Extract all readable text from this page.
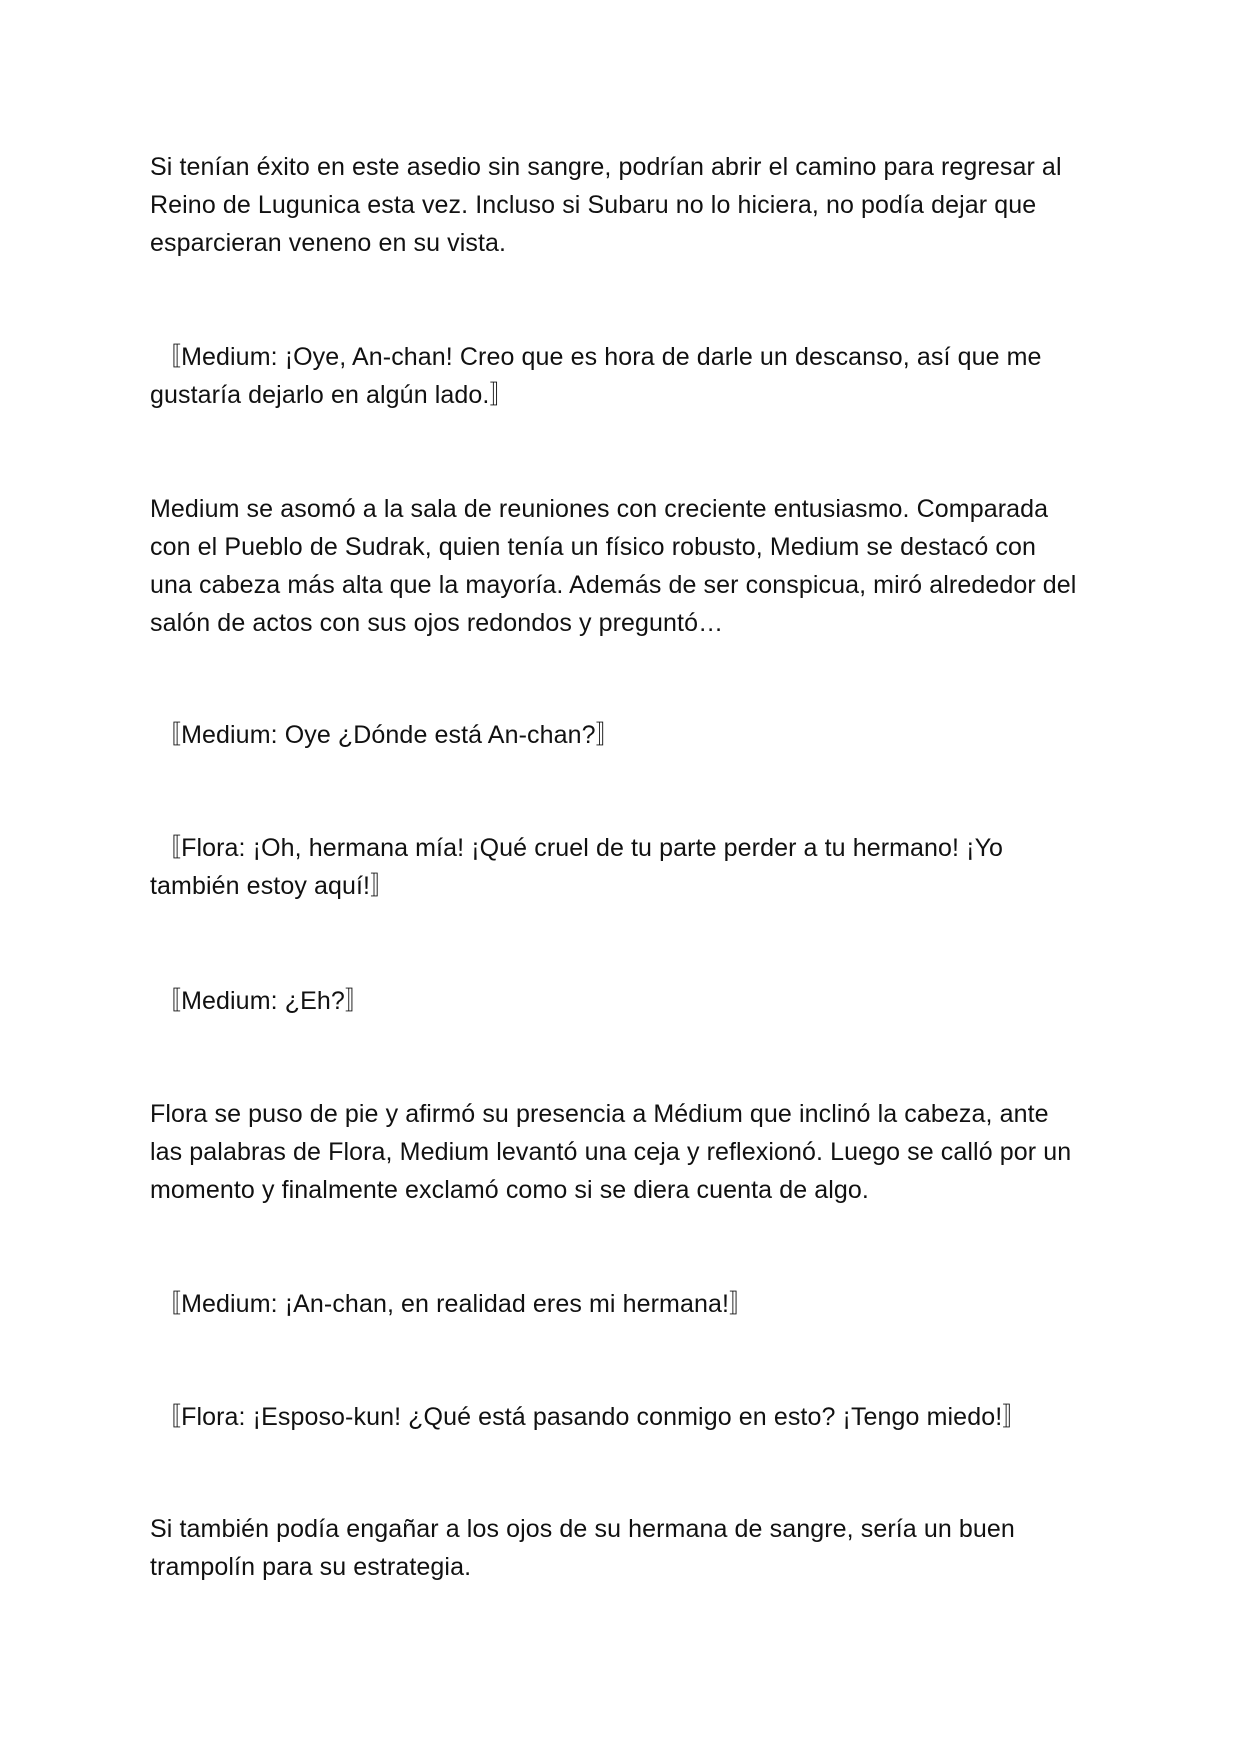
Si tenían éxito en este asedio sin sangre, podrían abrir el camino para regresar al Reino de Lugunica esta vez. Incluso si Subaru no lo hiciera, no podía dejar que esparcieran veneno en su vista.

〚Medium: ¡Oye, An-chan! Creo que es hora de darle un descanso, así que me gustaría dejarlo en algún lado.〛

Medium se asomó a la sala de reuniones con creciente entusiasmo. Comparada con el Pueblo de Sudrak, quien tenía un físico robusto, Medium se destacó con una cabeza más alta que la mayoría. Además de ser conspicua, miró alrededor del salón de actos con sus ojos redondos y preguntó…

〚Medium: Oye ¿Dónde está An-chan?〛

〚Flora: ¡Oh, hermana mía! ¡Qué cruel de tu parte perder a tu hermano! ¡Yo también estoy aquí!〛

〚Medium: ¿Eh?〛

Flora se puso de pie y afirmó su presencia a Médium que inclinó la cabeza, ante las palabras de Flora, Medium levantó una ceja y reflexionó. Luego se calló por un momento y finalmente exclamó como si se diera cuenta de algo.

〚Medium: ¡An-chan, en realidad eres mi hermana!〛

〚Flora: ¡Esposo-kun! ¿Qué está pasando conmigo en esto? ¡Tengo miedo!〛

Si también podía engañar a los ojos de su hermana de sangre, sería un buen trampolín para su estrategia.
